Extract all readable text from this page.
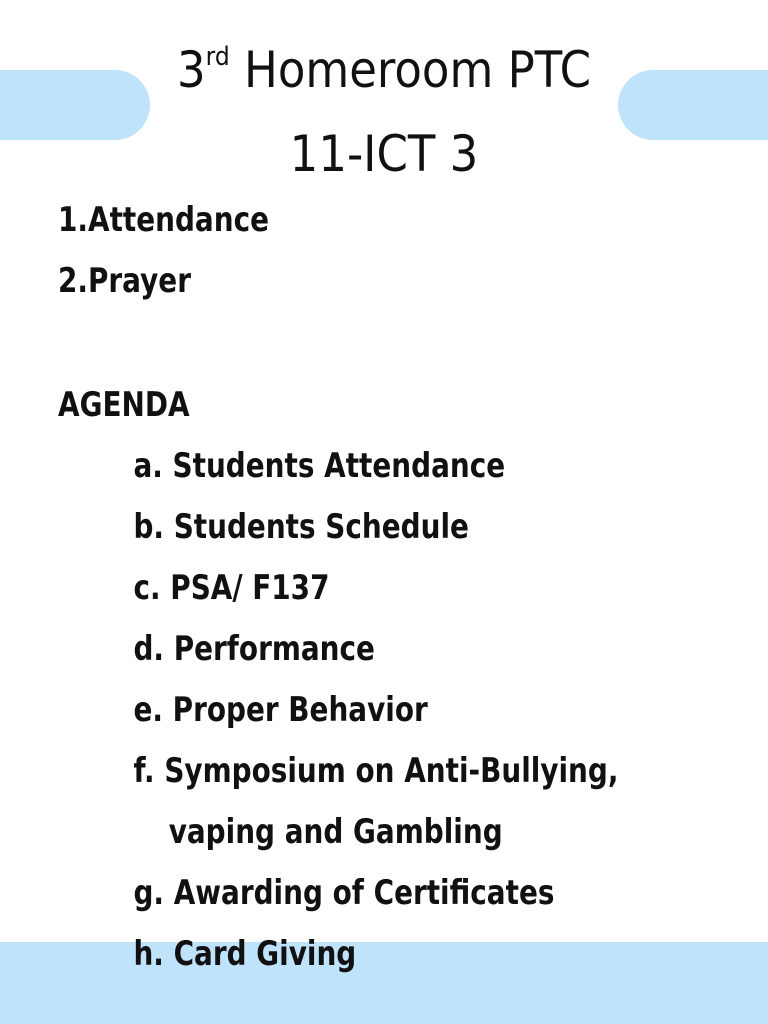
3rd Homeroom PTC
11-ICT 3
1.Attendance
2.Prayer
AGENDA
a. Students Attendance
b. Students Schedule
c. PSA/ F137
d. Performance
e. Proper Behavior
f. Symposium on Anti-Bullying,
vaping and Gambling
g. Awarding of Certificates
h. Card Giving
